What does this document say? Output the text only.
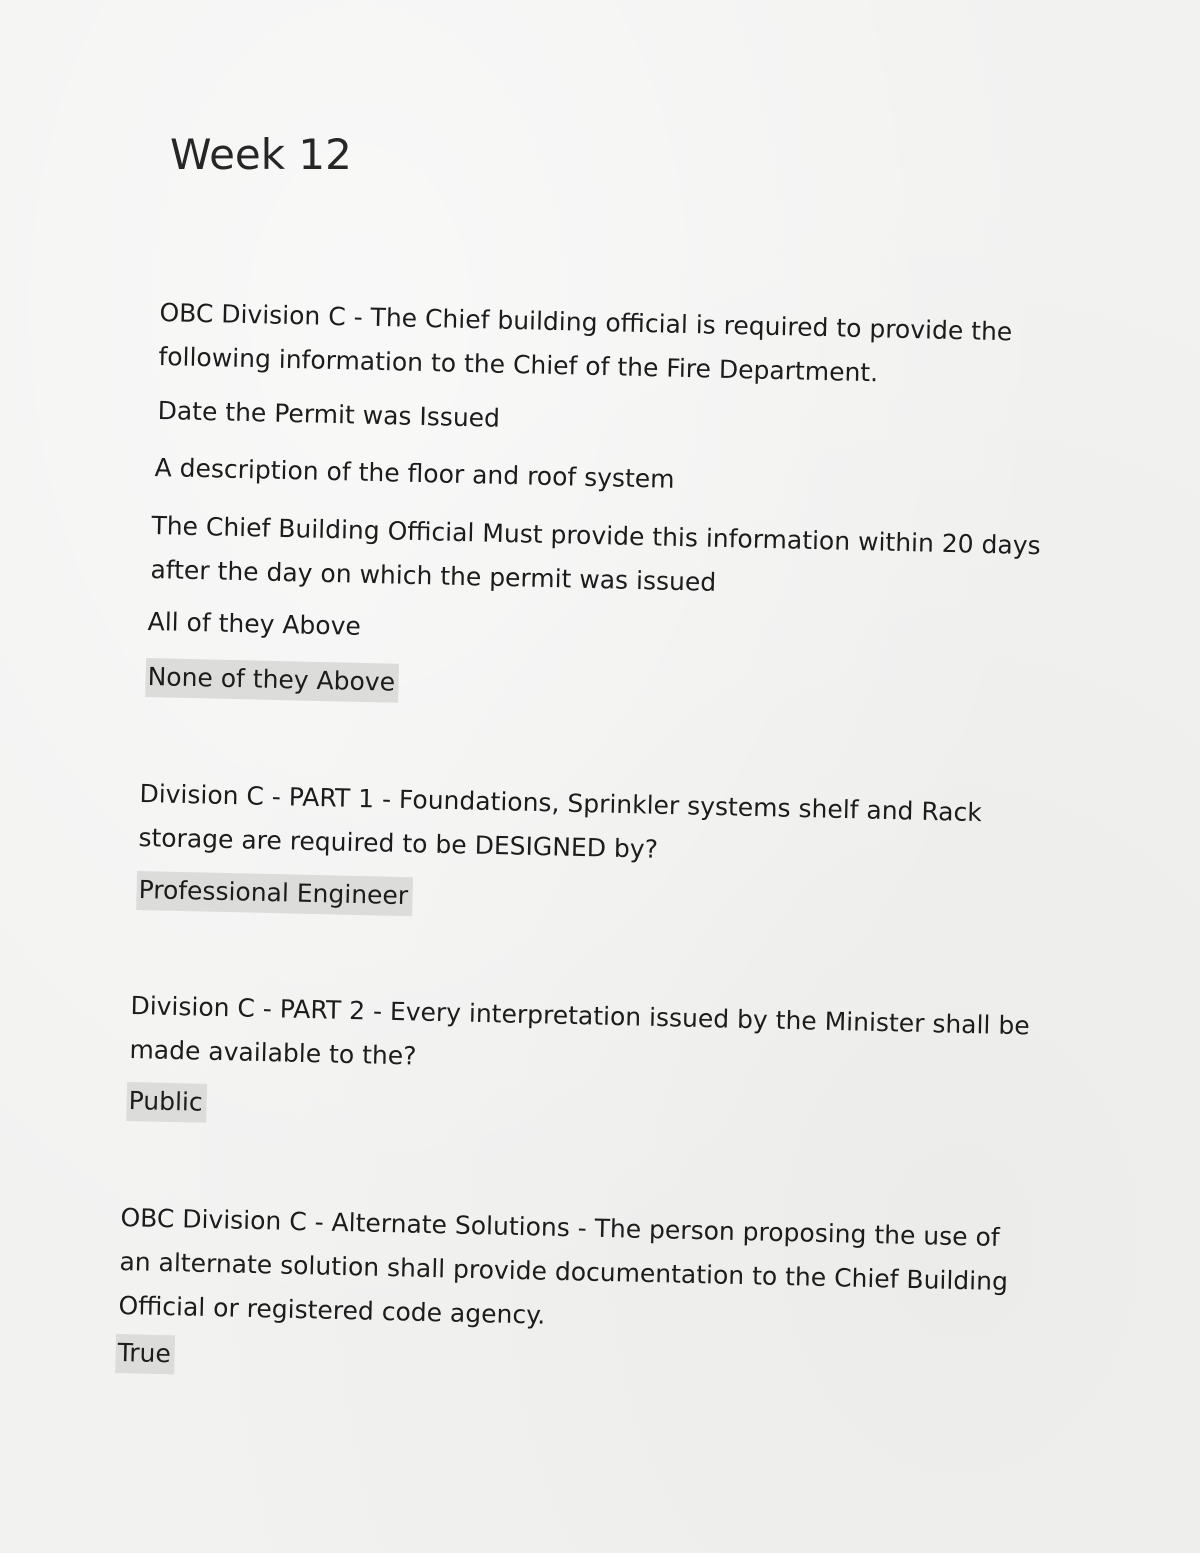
Week 12

OBC Division C - The Chief building official is required to provide the following information to the Chief of the Fire Department.

Date the Permit was Issued
A description of the floor and roof system
The Chief Building Official Must provide this information within 20 days after the day on which the permit was issued
All of they Above
None of they Above

Division C - PART 1 - Foundations, Sprinkler systems shelf and Rack storage are required to be DESIGNED by?

Professional Engineer

Division C - PART 2 - Every interpretation issued by the Minister shall be made available to the?

Public

OBC Division C - Alternate Solutions - The person proposing the use of an alternate solution shall provide documentation to the Chief Building Official or registered code agency.

True
